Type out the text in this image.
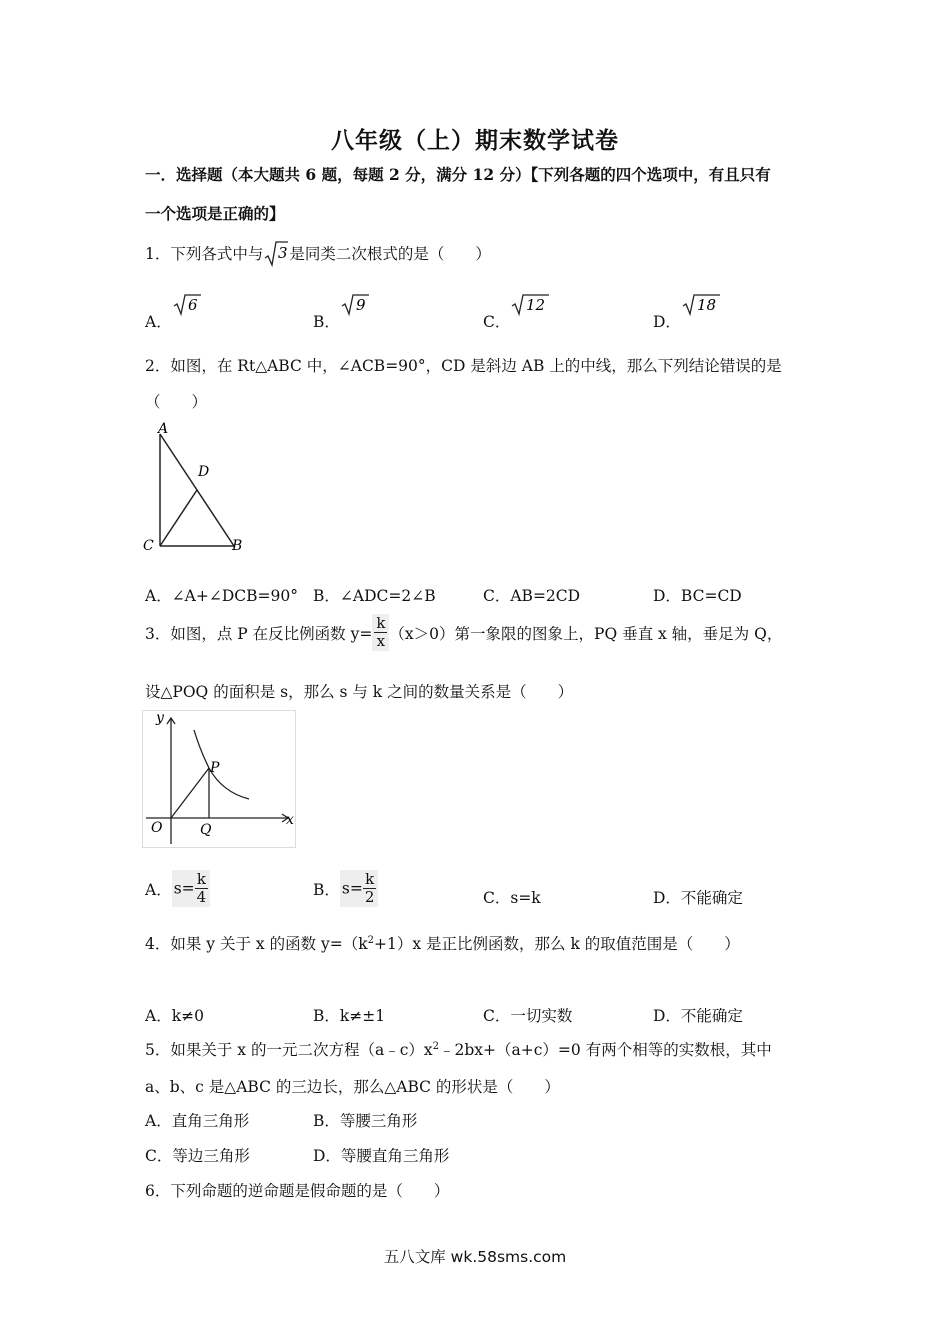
八年级（上）期末数学试卷
一．选择题（本大题共 6 题，每题 2 分，满分 12 分）【下列各题的四个选项中，有且只有
一个选项是正确的】
1．下列各式中与 3 是同类二次根式的是（　　）
A．
6
B．
9
C．
12
D．
18
2．如图，在 Rt△ABC 中，∠ACB=90°，CD 是斜边 AB 上的中线，那么下列结论错误的是
（　　）
A
D
C	B
A．∠A+∠DCB=90° B．∠ADC=2∠B	C．AB=2CD	D．BC=CD
3．如图，点 P 在反比例函数 $y= \frac{k}{x} (x>0)$第一象限的图象上，PQ 垂直 x 轴，垂足为 Q，
设△POQ 的面积是 s，那么 s 与 k 之间的数量关系是（　　）
y
x
O
P
Q
A． $s= \frac{k}{4}$	B． $s= \frac{k}{2}$	C．s=k	D．不能确定
4．如果 y 关于 x 的函数 $y=(k^2+1)x$ 是正比例函数，那么 k 的取值范围是（　　）
A．k≠0	B．k≠±1	C．一切实数	D．不能确定
5．如果关于 x 的一元二次方程$(a﹣c)x^2﹣2bx+(a+c)=0$ 有两个相等的实数根，其中
a、b、c 是△ABC 的三边长，那么△ABC 的形状是（　　）
A．直角三角形	B．等腰三角形
C．等边三角形	D．等腰直角三角形
6．下列命题的逆命题是假命题的是（　　）
五八文库 wk.58sms.com
